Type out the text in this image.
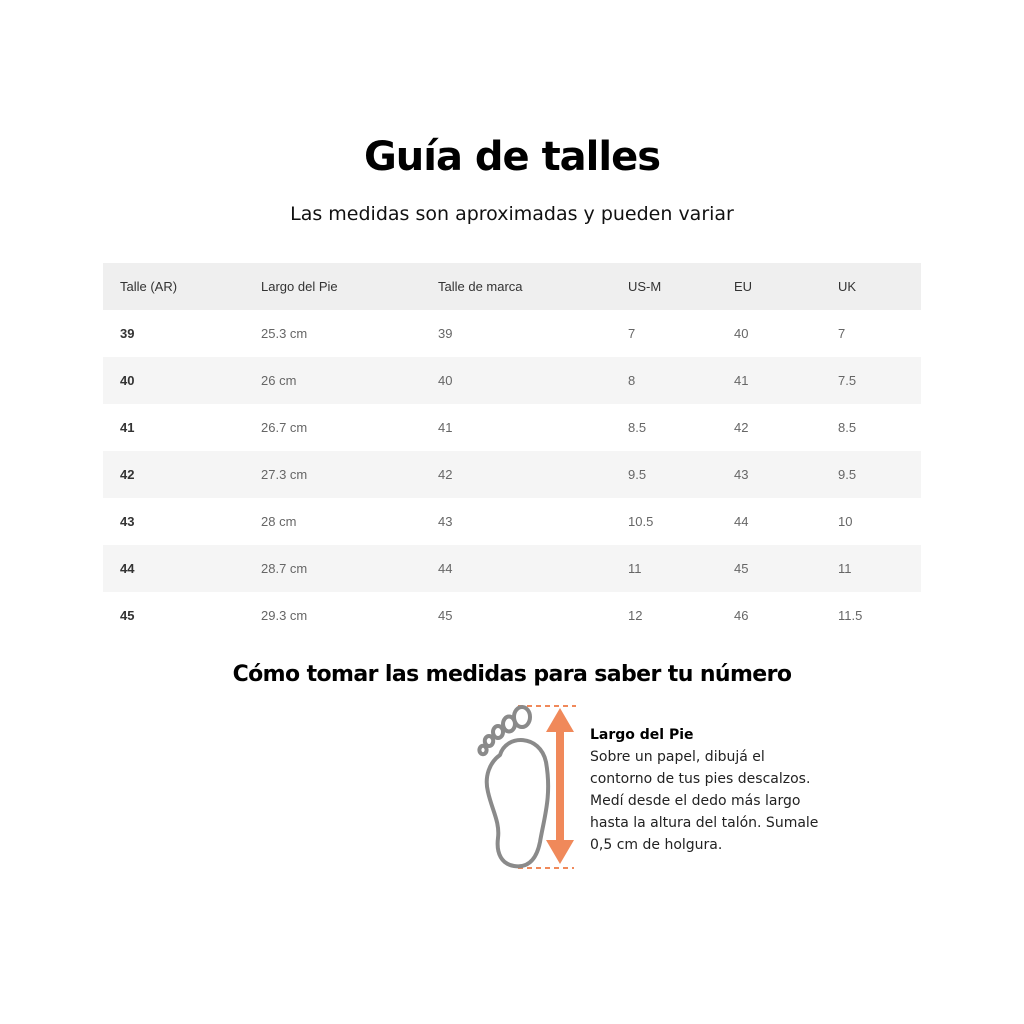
Guía de talles

Las medidas son aproximadas y pueden variar

Talle (AR)	Largo del Pie	Talle de marca	US-M	EU	UK
39	25.3 cm	39	7	40	7
40	26 cm	40	8	41	7.5
41	26.7 cm	41	8.5	42	8.5
42	27.3 cm	42	9.5	43	9.5
43	28 cm	43	10.5	44	10
44	28.7 cm	44	11	45	11
45	29.3 cm	45	12	46	11.5
Cómo tomar las medidas para saber tu número
Largo del Pie
Sobre un papel, dibujá el contorno de tus pies descalzos. Medí desde el dedo más largo hasta la altura del talón. Sumale 0,5 cm de holgura.
